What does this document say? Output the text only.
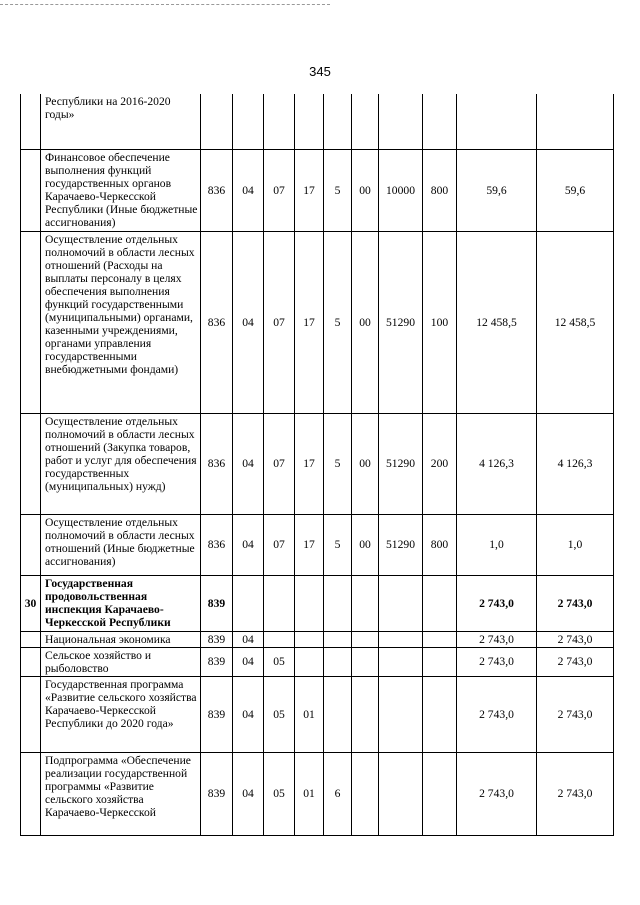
345
	Республики на 2016-2020 годы»										
	Финансовое обеспечение выполнения функций государственных органов Карачаево-Черкесской Республики (Иные бюджетные ассигнования)	836	04	07	17	5	00	10000	800	59,6	59,6
	Осуществление отдельных полномочий в области лесных отношений (Расходы на выплаты персоналу в целях обеспечения выполнения функций государственными (муниципальными) органами, казенными учреждениями, органами управления государственными внебюджетными фондами)	836	04	07	17	5	00	51290	100	12 458,5	12 458,5
	Осуществление отдельных полномочий в области лесных отношений (Закупка товаров, работ и услуг для обеспечения государственных (муниципальных) нужд)	836	04	07	17	5	00	51290	200	4 126,3	4 126,3
	Осуществление отдельных полномочий в области лесных отношений (Иные бюджетные ассигнования)	836	04	07	17	5	00	51290	800	1,0	1,0
30	Государственная продовольственная инспекция Карачаево-Черкесской Республики	839								2 743,0	2 743,0
	Национальная экономика	839	04							2 743,0	2 743,0
	Сельское хозяйство и рыболовство	839	04	05						2 743,0	2 743,0
	Государственная программа «Развитие сельского хозяйства Карачаево-Черкесской Республики до 2020 года»	839	04	05	01					2 743,0	2 743,0
	Подпрограмма «Обеспечение реализации государственной программы «Развитие сельского хозяйства Карачаево-Черкесской	839	04	05	01	6				2 743,0	2 743,0
